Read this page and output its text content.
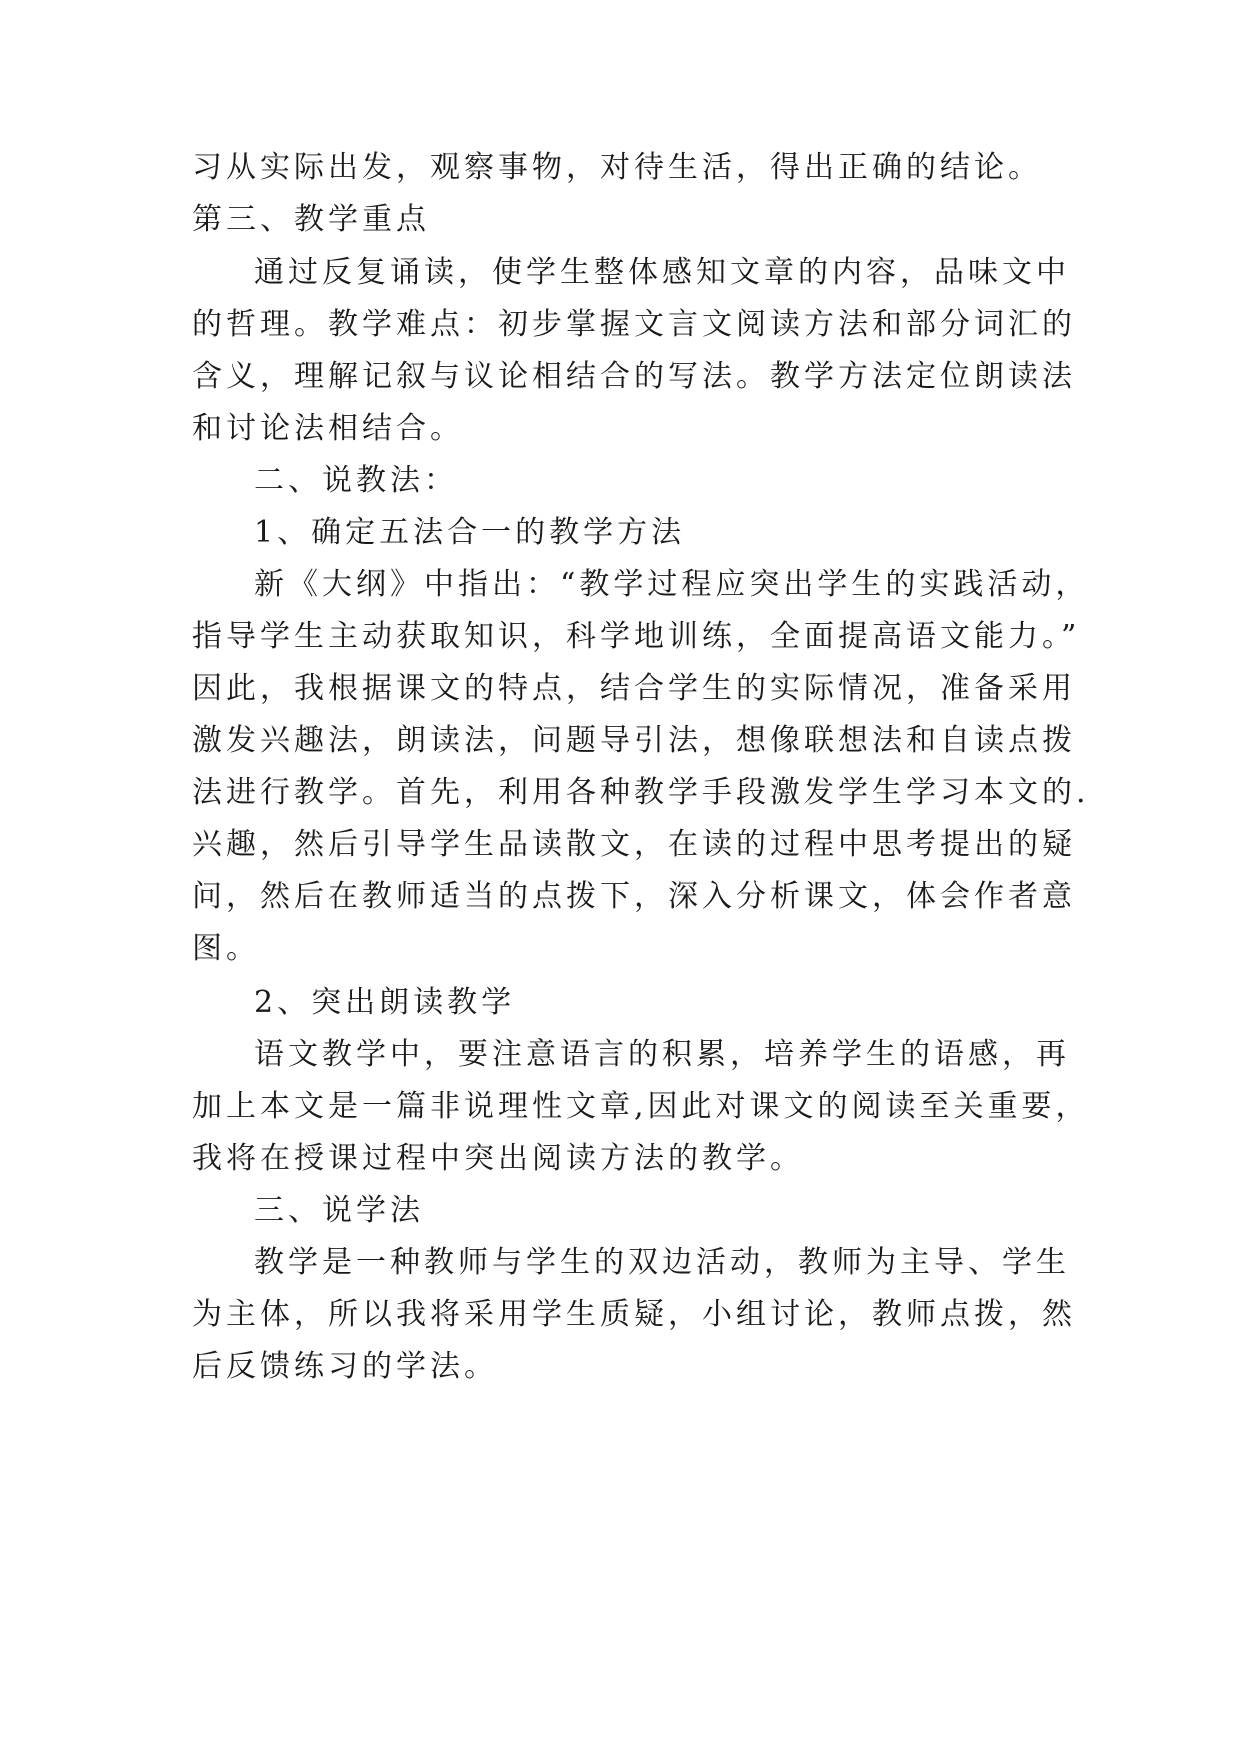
习从实际出发，观察事物，对待生活，得出正确的结论。
第三、教学重点
通过反复诵读，使学生整体感知文章的内容，品味文中
的哲理。教学难点：初步掌握文言文阅读方法和部分词汇的
含义，理解记叙与议论相结合的写法。教学方法定位朗读法
和讨论法相结合。
二、说教法：
1、确定五法合一的教学方法
新《大纲》中指出：“教学过程应突出学生的实践活动，
指导学生主动获取知识，科学地训练，全面提高语文能力。”
因此，我根据课文的特点，结合学生的实际情况，准备采用
激发兴趣法，朗读法，问题导引法，想像联想法和自读点拨
法进行教学。首先，利用各种教学手段激发学生学习本文的.
兴趣，然后引导学生品读散文，在读的过程中思考提出的疑
问，然后在教师适当的点拨下，深入分析课文，体会作者意
图。
2、突出朗读教学
语文教学中，要注意语言的积累，培养学生的语感，再
加上本文是一篇非说理性文章,因此对课文的阅读至关重要，
我将在授课过程中突出阅读方法的教学。
三、说学法
教学是一种教师与学生的双边活动，教师为主导、学生
为主体，所以我将采用学生质疑，小组讨论，教师点拨，然
后反馈练习的学法。
